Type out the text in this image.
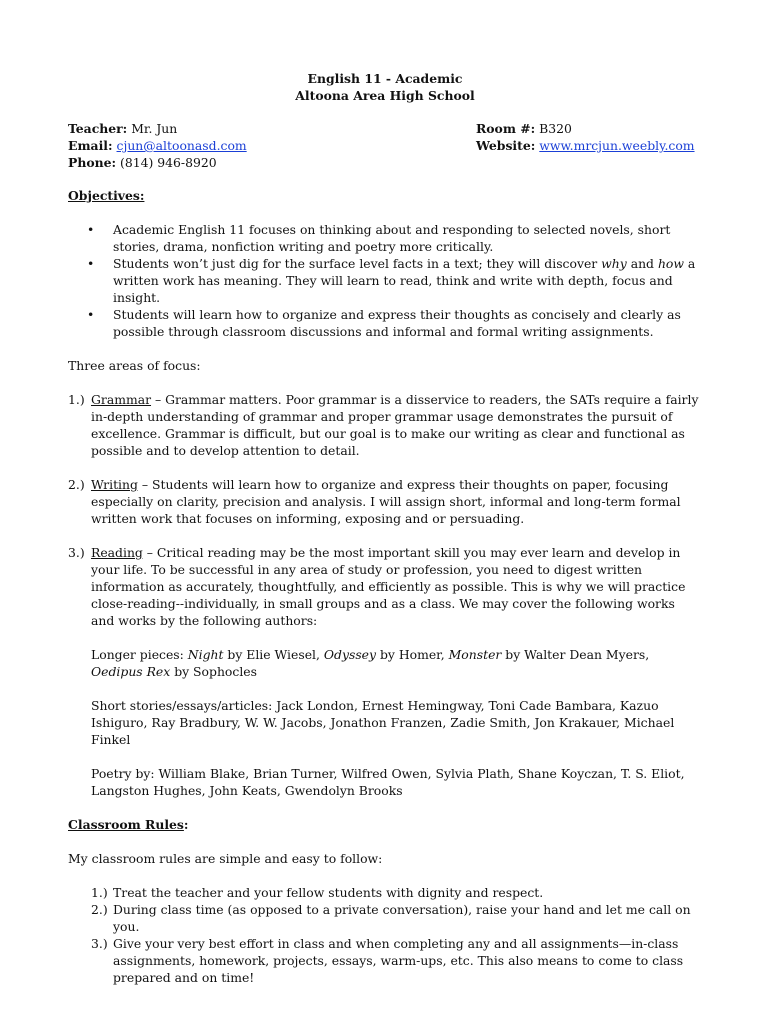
English 11 - Academic
Altoona Area High School
Teacher: Mr. Jun
Email: cjun@altoonasd.com
Phone: (814) 946-8920
Room #: B320
Website: www.mrcjun.weebly.com
Objectives:
• Academic English 11 focuses on thinking about and responding to selected novels, short stories, drama, nonfiction writing and poetry more critically.
• Students won’t just dig for the surface level facts in a text; they will discover why and how a written work has meaning. They will learn to read, think and write with depth, focus and insight.
• Students will learn how to organize and express their thoughts as concisely and clearly as possible through classroom discussions and informal and formal writing assignments.

Three areas of focus:

1.) Grammar – Grammar matters. Poor grammar is a disservice to readers, the SATs require a fairly in-depth understanding of grammar and proper grammar usage demonstrates the pursuit of excellence. Grammar is difficult, but our goal is to make our writing as clear and functional as possible and to develop attention to detail.
2.) Writing – Students will learn how to organize and express their thoughts on paper, focusing especially on clarity, precision and analysis. I will assign short, informal and long-term formal written work that focuses on informing, exposing and or persuading.
3.) Reading – Critical reading may be the most important skill you may ever learn and develop in your life. To be successful in any area of study or profession, you need to digest written information as accurately, thoughtfully, and efficiently as possible. This is why we will practice close-reading--individually, in small groups and as a class. We may cover the following works and works by the following authors:

Longer pieces: Night by Elie Wiesel, Odyssey by Homer, Monster by Walter Dean Myers, Oedipus Rex by Sophocles

Short stories/essays/articles: Jack London, Ernest Hemingway, Toni Cade Bambara, Kazuo Ishiguro, Ray Bradbury, W. W. Jacobs, Jonathon Franzen, Zadie Smith, Jon Krakauer, Michael Finkel

Poetry by: William Blake, Brian Turner, Wilfred Owen, Sylvia Plath, Shane Koyczan, T. S. Eliot, Langston Hughes, John Keats, Gwendolyn Brooks

Classroom Rules:

My classroom rules are simple and easy to follow:

1.) Treat the teacher and your fellow students with dignity and respect.
2.) During class time (as opposed to a private conversation), raise your hand and let me call on you.
3.) Give your very best effort in class and when completing any and all assignments—in-class assignments, homework, projects, essays, warm-ups, etc. This also means to come to class prepared and on time!
